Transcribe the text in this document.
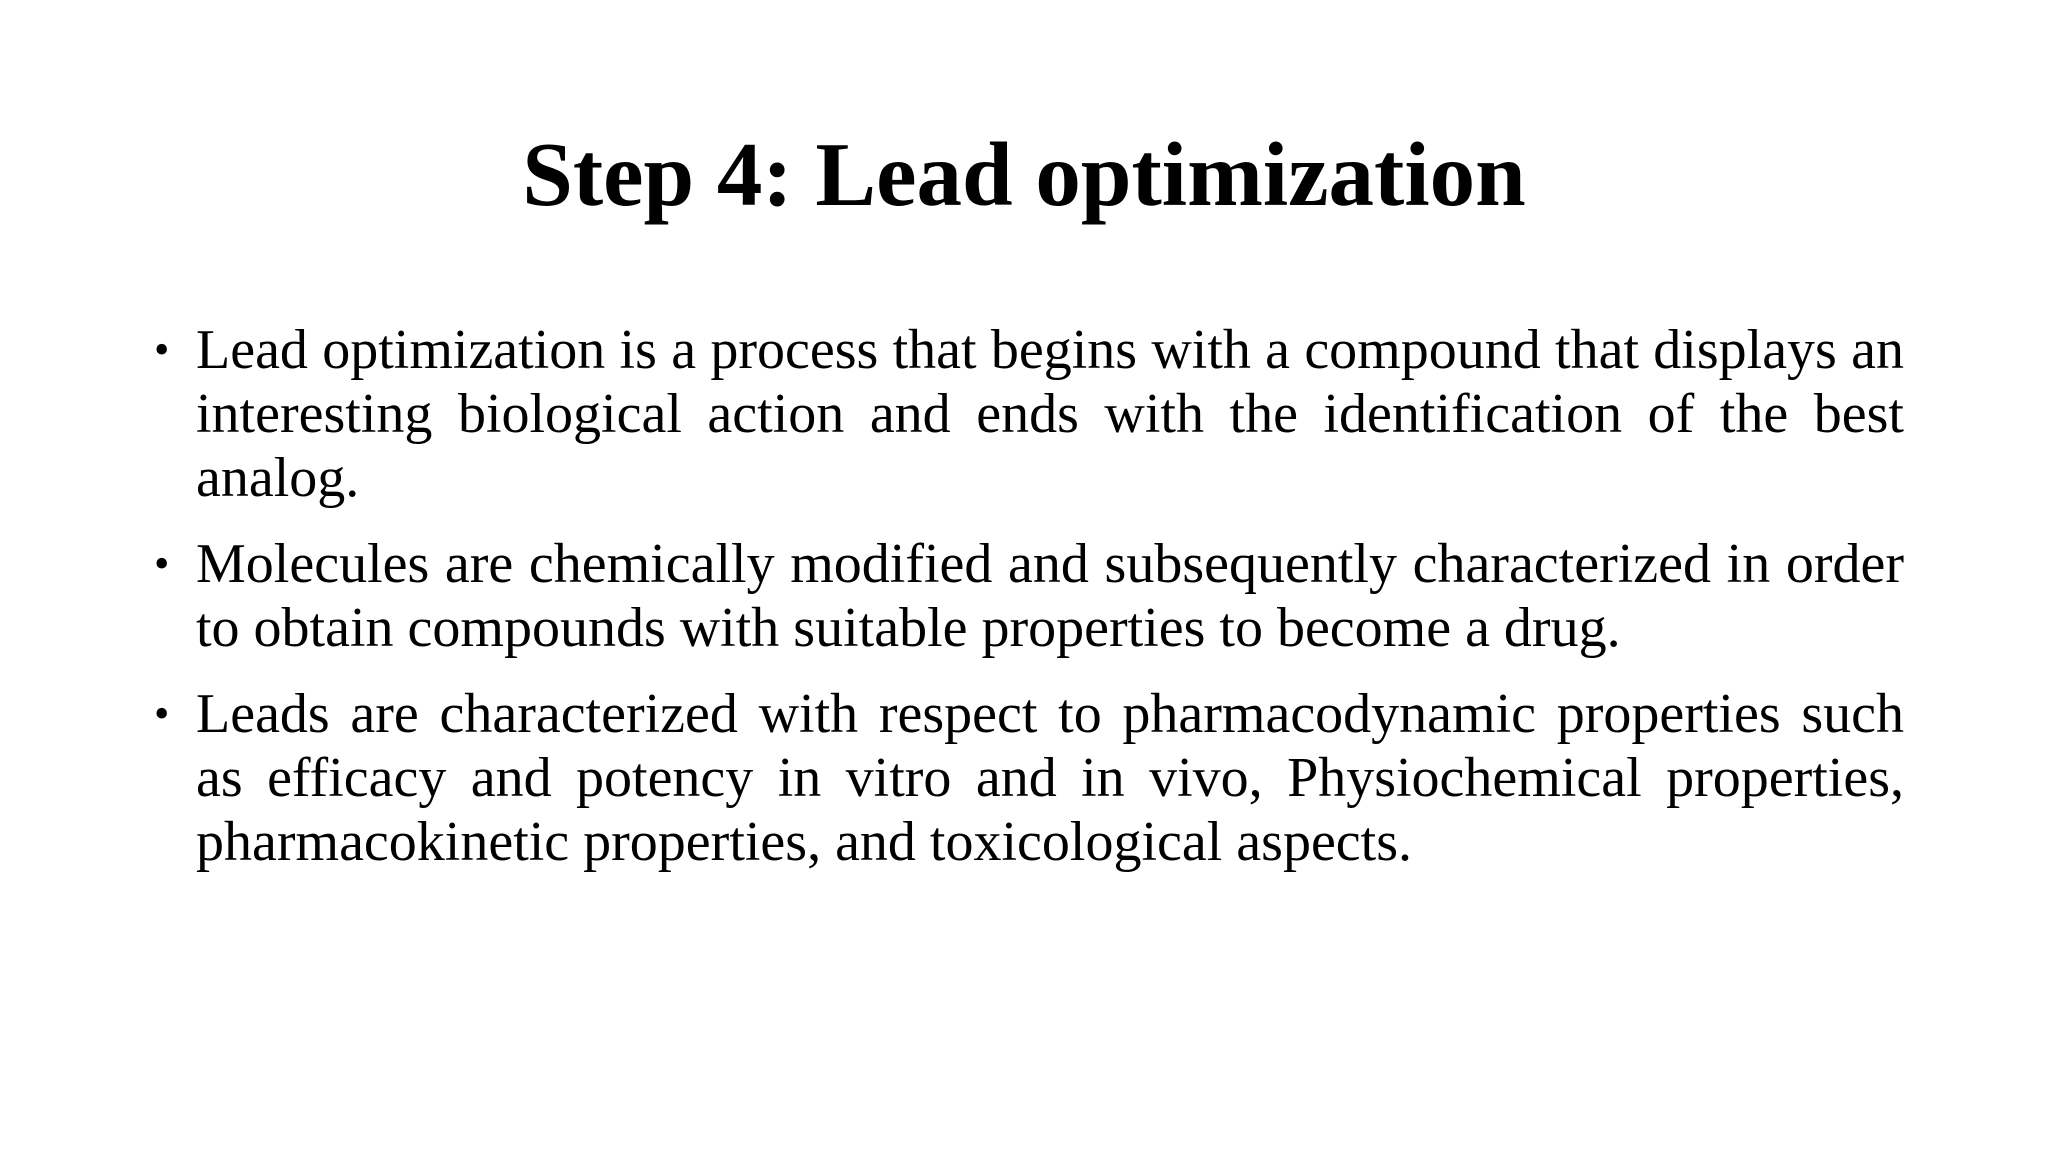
Step 4: Lead optimization
• Lead optimization is a process that begins with a compound that displays an interesting biological action and ends with the identification of the best analog.
• Molecules are chemically modified and subsequently characterized in order to obtain compounds with suitable properties to become a drug.
• Leads are characterized with respect to pharmacodynamic properties such as efficacy and potency in vitro and in vivo, Physiochemical properties, pharmacokinetic properties, and toxicological aspects.
